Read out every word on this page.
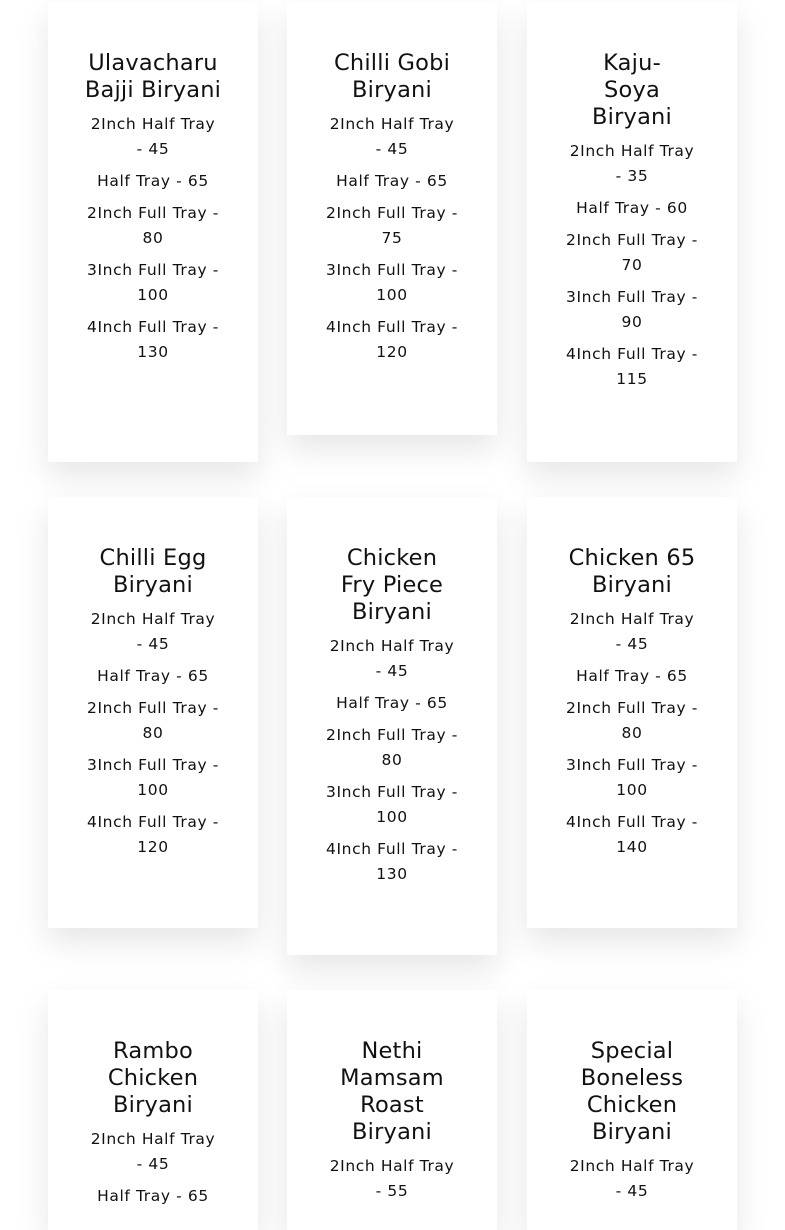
Ulavacharu Bajji Biryani
2Inch Half Tray - 45
Half Tray - 65
2Inch Full Tray - 80
3Inch Full Tray - 100
4Inch Full Tray - 130
Chilli Gobi Biryani
2Inch Half Tray - 45
Half Tray - 65
2Inch Full Tray - 75
3Inch Full Tray - 100
4Inch Full Tray - 120
Kaju-Soya Biryani
2Inch Half Tray - 35
Half Tray - 60
2Inch Full Tray - 70
3Inch Full Tray - 90
4Inch Full Tray - 115
Chilli Egg Biryani
2Inch Half Tray - 45
Half Tray - 65
2Inch Full Tray - 80
3Inch Full Tray - 100
4Inch Full Tray - 120
Chicken Fry Piece Biryani
2Inch Half Tray - 45
Half Tray - 65
2Inch Full Tray - 80
3Inch Full Tray - 100
4Inch Full Tray - 130
Chicken 65 Biryani
2Inch Half Tray - 45
Half Tray - 65
2Inch Full Tray - 80
3Inch Full Tray - 100
4Inch Full Tray - 140
Rambo Chicken Biryani
2Inch Half Tray - 45
Half Tray - 65
Nethi Mamsam Roast Biryani
2Inch Half Tray - 55
Special Boneless Chicken Biryani
2Inch Half Tray - 45
